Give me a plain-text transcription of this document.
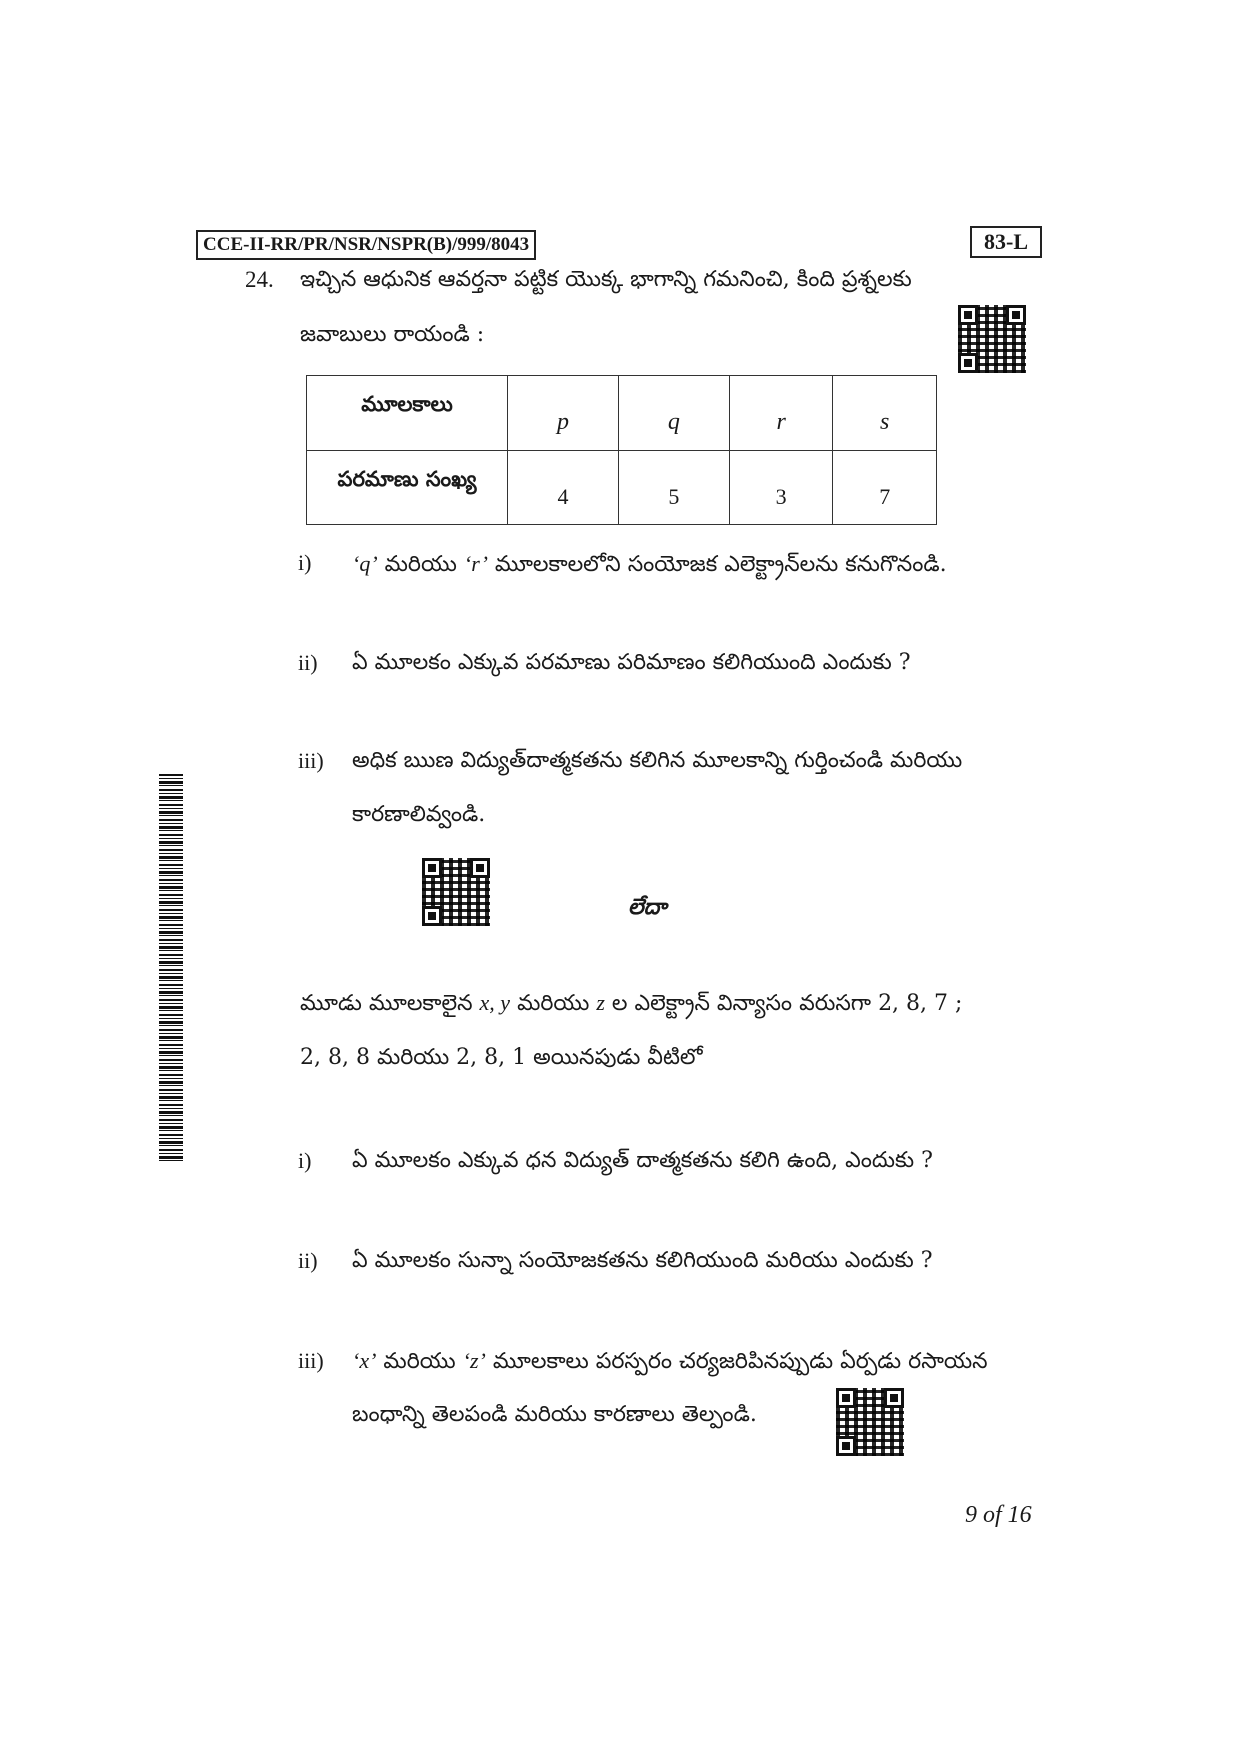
CCE-II-RR/PR/NSR/NSPR(B)/999/8043	83-L
24. ఇచ్చిన ఆధునిక ఆవర్తనా పట్టిక యొక్క భాగాన్ని గమనించి, కింది ప్రశ్నలకు
జవాబులు రాయండి :
మూలకాలు	p	q	r	s
పరమాణు సంఖ్య	4	5	3	7
i) ‘q’ మరియు ‘r’ మూలకాలలోని సంయోజక ఎలెక్ట్రాన్‌లను కనుగొనండి.
ii) ఏ మూలకం ఎక్కువ పరమాణు పరిమాణం కలిగియుంది ఎందుకు ?
iii) అధిక ఋణ విద్యుత్‌దాత్మకతను కలిగిన మూలకాన్ని గుర్తించండి మరియు
కారణాలివ్వండి.
లేదా
మూడు మూలకాలైన x, y మరియు z ల ఎలెక్ట్రాన్ విన్యాసం వరుసగా 2, 8, 7 ;
2, 8, 8 మరియు 2, 8, 1 అయినపుడు వీటిలో
i) ఏ మూలకం ఎక్కువ ధన విద్యుత్ దాత్మకతను కలిగి ఉంది, ఎందుకు ?
ii) ఏ మూలకం సున్నా సంయోజకతను కలిగియుంది మరియు ఎందుకు ?
iii) ‘x’ మరియు ‘z’ మూలకాలు పరస్పరం చర్యజరిపినప్పుడు ఏర్పడు రసాయన
బంధాన్ని తెలపండి మరియు కారణాలు తెల్పండి.
9 of 16
